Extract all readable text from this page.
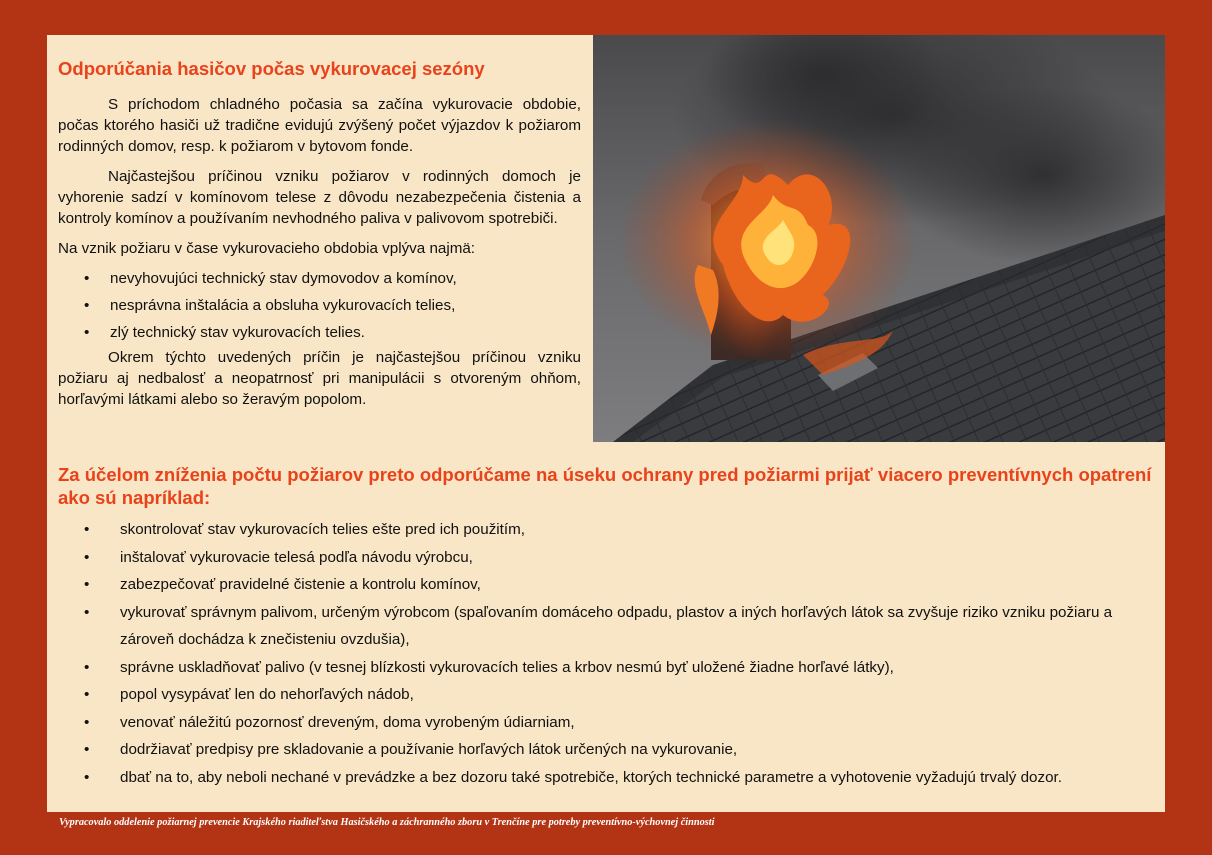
Odporúčania hasičov počas vykurovacej sezóny

S príchodom chladného počasia sa začína vykurovacie obdobie, počas ktorého hasiči už tradične evidujú zvýšený počet výjazdov k požiarom rodinných domov, resp. k požiarom v bytovom fonde.

Najčastejšou príčinou vzniku požiarov v rodinných domoch je vyhorenie sadzí v komínovom telese z dôvodu nezabezpečenia čistenia a kontroly komínov a používaním nevhodného paliva v palivovom spotrebiči.

Na vznik požiaru v čase vykurovacieho obdobia vplýva najmä:

• nevyhovujúci technický stav dymovodov a komínov,
• nesprávna inštalácia a obsluha vykurovacích telies,
• zlý technický stav vykurovacích telies.

Okrem týchto uvedených príčin je najčastejšou príčinou vzniku požiaru aj nedbalosť a neopatrnosť pri manipulácii s otvoreným ohňom, horľavými látkami alebo so žeravým popolom.

Za účelom zníženia počtu požiarov preto odporúčame na úseku ochrany pred požiarmi prijať viacero preventívnych opatrení ako sú napríklad:
• skontrolovať stav vykurovacích telies ešte pred ich použitím,
• inštalovať vykurovacie telesá podľa návodu výrobcu,
• zabezpečovať pravidelné čistenie a kontrolu komínov,
• vykurovať správnym palivom, určeným výrobcom (spaľovaním domáceho odpadu, plastov a iných horľavých látok sa zvyšuje riziko vzniku požiaru a zároveň dochádza k znečisteniu ovzdušia),
• správne uskladňovať palivo (v tesnej blízkosti vykurovacích telies a krbov nesmú byť uložené žiadne horľavé látky),
• popol vysypávať len do nehorľavých nádob,
• venovať náležitú pozornosť dreveným, doma vyrobeným údiarniam,
• dodržiavať predpisy pre skladovanie a používanie horľavých látok určených na vykurovanie,
• dbať na to, aby neboli nechané v prevádzke a bez dozoru také spotrebiče, ktorých technické parametre a vyhotovenie vyžadujú trvalý dozor.
Vypracovalo oddelenie požiarnej prevencie Krajského riaditeľstva Hasičského a záchranného zboru v Trenčíne pre potreby preventívno-výchovnej činnosti
